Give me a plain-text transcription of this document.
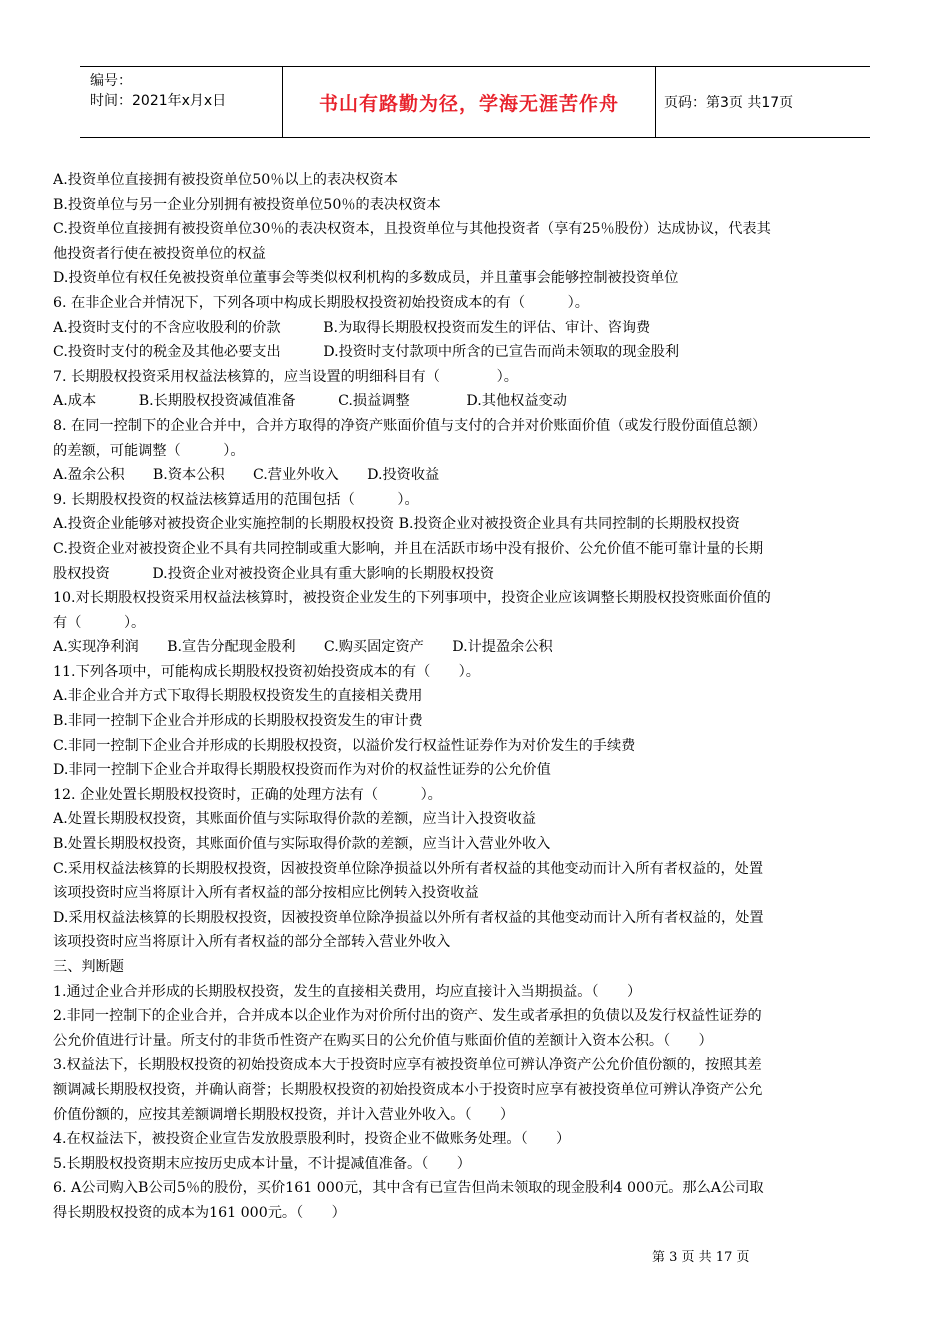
编号：
时间：2021年x月x日	书山有路勤为径，学海无涯苦作舟	页码：第3页 共17页
A.投资单位直接拥有被投资单位50％以上的表决权资本
B.投资单位与另一企业分别拥有被投资单位50％的表决权资本
C.投资单位直接拥有被投资单位30％的表决权资本，且投资单位与其他投资者（享有25％股份）达成协议，代表其
他投资者行使在被投资单位的权益
D.投资单位有权任免被投资单位董事会等类似权利机构的多数成员，并且董事会能够控制被投资单位
6. 在非企业合并情况下，下列各项中构成长期股权投资初始投资成本的有（　　　）。
A.投资时支付的不含应收股利的价款　　　B.为取得长期股权投资而发生的评估、审计、咨询费
C.投资时支付的税金及其他必要支出　　　D.投资时支付款项中所含的已宣告而尚未领取的现金股利
7. 长期股权投资采用权益法核算的，应当设置的明细科目有（　　　　）。
A.成本　　　B.长期股权投资减值准备　　　C.损益调整　　　　D.其他权益变动
8. 在同一控制下的企业合并中，合并方取得的净资产账面价值与支付的合并对价账面价值（或发行股份面值总额）
的差额，可能调整（　　　）。
A.盈余公积　　B.资本公积　　C.营业外收入　　D.投资收益
9. 长期股权投资的权益法核算适用的范围包括（　　　）。
A.投资企业能够对被投资企业实施控制的长期股权投资 B.投资企业对被投资企业具有共同控制的长期股权投资
C.投资企业对被投资企业不具有共同控制或重大影响，并且在活跃市场中没有报价、公允价值不能可靠计量的长期
股权投资　　　D.投资企业对被投资企业具有重大影响的长期股权投资
10.对长期股权投资采用权益法核算时，被投资企业发生的下列事项中，投资企业应该调整长期股权投资账面价值的
有（　　　）。
A.实现净利润　　B.宣告分配现金股利　　C.购买固定资产　　D.计提盈余公积
11.下列各项中，可能构成长期股权投资初始投资成本的有（　　）。
A.非企业合并方式下取得长期股权投资发生的直接相关费用
B.非同一控制下企业合并形成的长期股权投资发生的审计费
C.非同一控制下企业合并形成的长期股权投资，以溢价发行权益性证券作为对价发生的手续费
D.非同一控制下企业合并取得长期股权投资而作为对价的权益性证券的公允价值
12. 企业处置长期股权投资时，正确的处理方法有（　　　）。
A.处置长期股权投资，其账面价值与实际取得价款的差额，应当计入投资收益
B.处置长期股权投资，其账面价值与实际取得价款的差额，应当计入营业外收入
C.采用权益法核算的长期股权投资，因被投资单位除净损益以外所有者权益的其他变动而计入所有者权益的，处置
该项投资时应当将原计入所有者权益的部分按相应比例转入投资收益
D.采用权益法核算的长期股权投资，因被投资单位除净损益以外所有者权益的其他变动而计入所有者权益的，处置
该项投资时应当将原计入所有者权益的部分全部转入营业外收入
三、判断题
1.通过企业合并形成的长期股权投资，发生的直接相关费用，均应直接计入当期损益。（　　）
2.非同一控制下的企业合并，合并成本以企业作为对价所付出的资产、发生或者承担的负债以及发行权益性证券的
公允价值进行计量。所支付的非货币性资产在购买日的公允价值与账面价值的差额计入资本公积。（　　）
3.权益法下，长期股权投资的初始投资成本大于投资时应享有被投资单位可辨认净资产公允价值份额的，按照其差
额调减长期股权投资，并确认商誉；长期股权投资的初始投资成本小于投资时应享有被投资单位可辨认净资产公允
价值份额的，应按其差额调增长期股权投资，并计入营业外收入。（　　）
4.在权益法下，被投资企业宣告发放股票股利时，投资企业不做账务处理。（　　）
5.长期股权投资期末应按历史成本计量，不计提减值准备。（　　）
6. A公司购入B公司5％的股份，买价161 000元，其中含有已宣告但尚未领取的现金股利4 000元。那么A公司取
得长期股权投资的成本为161 000元。（　　）
第 3 页 共 17 页
